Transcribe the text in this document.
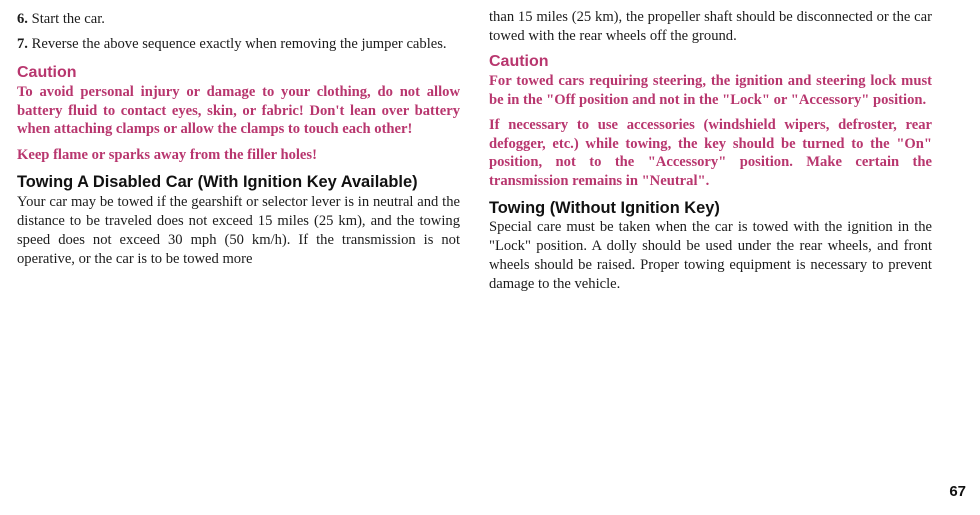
6. Start the car.

7. Reverse the above sequence exactly when removing the jumper cables.

Caution

To avoid personal injury or damage to your clothing, do not allow battery fluid to contact eyes, skin, or fabric! Don't lean over battery when attaching clamps or allow the clamps to touch each other!

Keep flame or sparks away from the filler holes!

Towing A Disabled Car (With Ignition Key Available)

Your car may be towed if the gearshift or selector lever is in neutral and the distance to be traveled does not exceed 15 miles (25 km), and the towing speed does not exceed 30 mph (50 km/h). If the transmission is not operative, or the car is to be towed more

than 15 miles (25 km), the propeller shaft should be disconnected or the car towed with the rear wheels off the ground.

Caution

For towed cars requiring steering, the ignition and steering lock must be in the "Off position and not in the "Lock" or "Accessory" position.

If necessary to use accessories (windshield wipers, defroster, rear defogger, etc.) while towing, the key should be turned to the "On" position, not to the "Accessory" position. Make certain the transmission remains in "Neutral".

Towing (Without Ignition Key)

Special care must be taken when the car is towed with the ignition in the "Lock" position. A dolly should be used under the rear wheels, and front wheels should be raised. Proper towing equipment is necessary to prevent damage to the vehicle.

67
